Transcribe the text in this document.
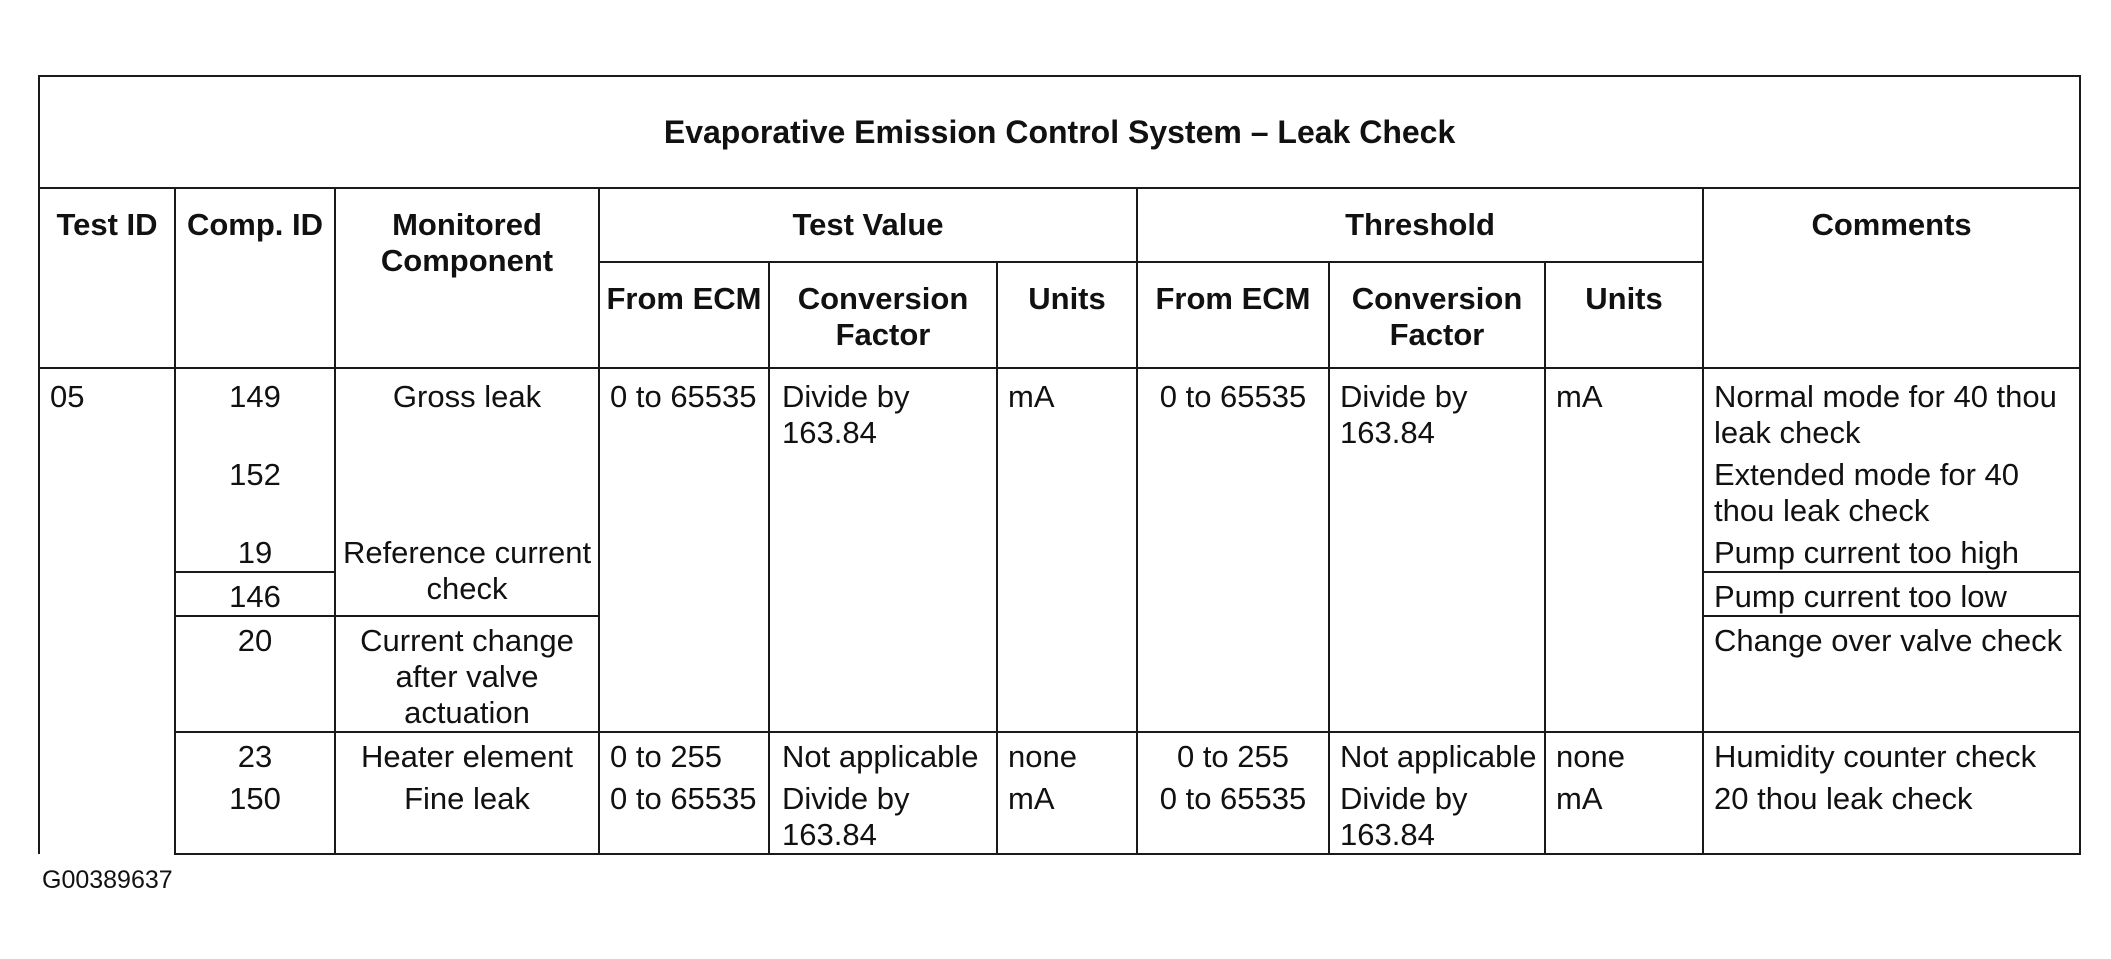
Evaporative Emission Control System – Leak Check									
Test ID	Comp. ID	Monitored Component	Test Value			Threshold			Comments
			From ECM	Conversion Factor	Units	From ECM	Conversion Factor	Units	
05	149	Gross leak	0 to 65535	Divide by 163.84	mA	0 to 65535	Divide by 163.84	mA	Normal mode for 40 thou leak check
	152								Extended mode for 40 thou leak check
	19	Reference current check							Pump current too high
	146								Pump current too low
	20	Current change after valve actuation							Change over valve check
	23	Heater element	0 to 255	Not applicable	none	0 to 255	Not applicable	none	Humidity counter check
	150	Fine leak	0 to 65535	Divide by 163.84	mA	0 to 65535	Divide by 163.84	mA	20 thou leak check
G00389637
